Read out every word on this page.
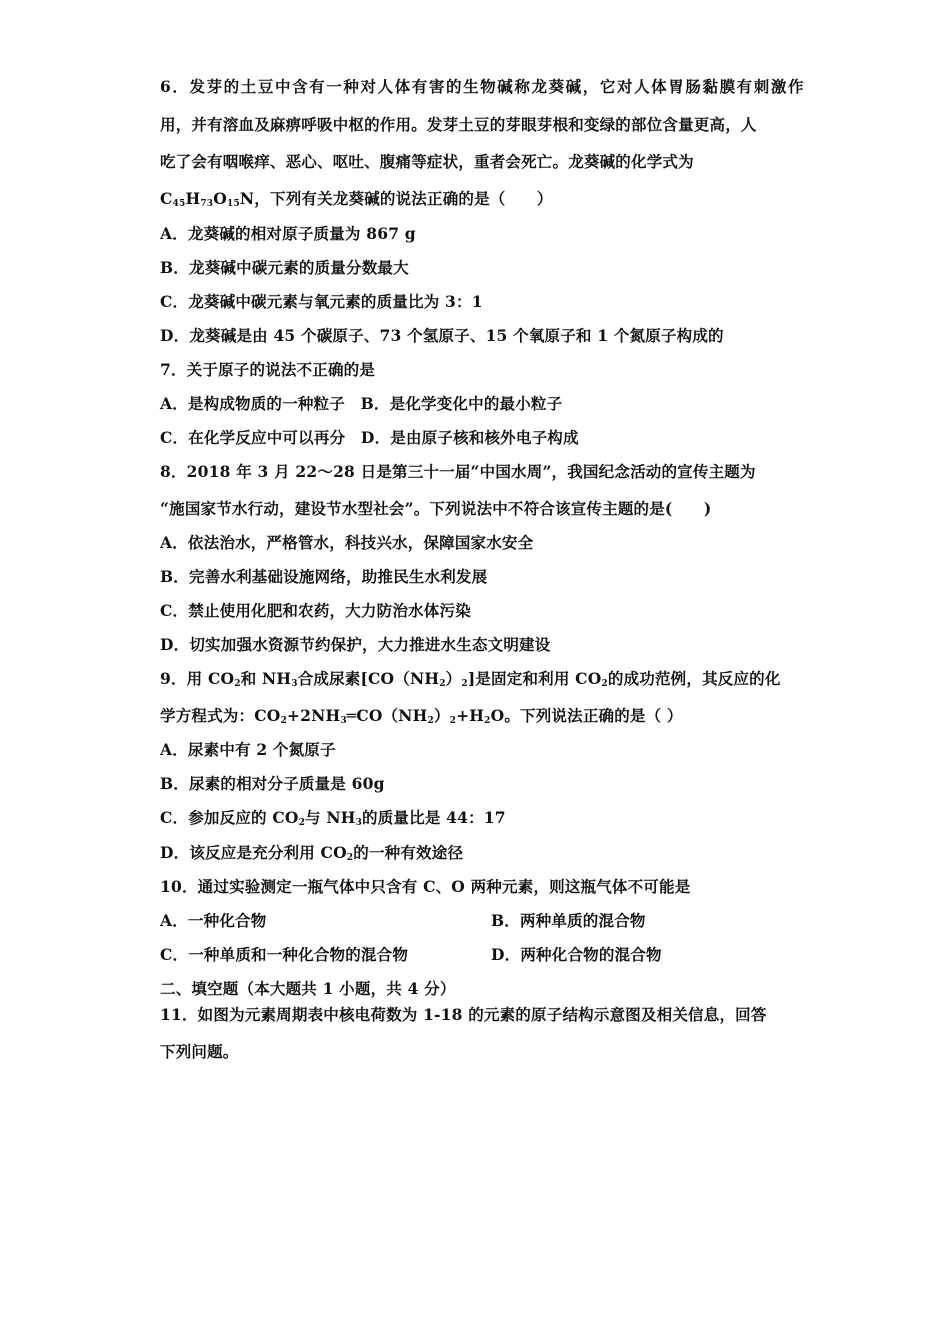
6．发芽的土豆中含有一种对人体有害的生物碱称龙葵碱，它对人体胃肠黏膜有刺激作
用，并有溶血及麻痹呼吸中枢的作用。发芽土豆的芽眼芽根和变绿的部位含量更高，人
吃了会有咽喉痒、恶心、呕吐、腹痛等症状，重者会死亡。龙葵碱的化学式为
$C_{45}H_{73}O_{15}N$，下列有关龙葵碱的说法正确的是（　　）
A．龙葵碱的相对原子质量为 867 g
B．龙葵碱中碳元素的质量分数最大
C．龙葵碱中碳元素与氧元素的质量比为 3：1
D．龙葵碱是由 45 个碳原子、73 个氢原子、15 个氧原子和 1 个氮原子构成的
7．关于原子的说法不正确的是
A．是构成物质的一种粒子　B．是化学变化中的最小粒子
C．在化学反应中可以再分　D．是由原子核和核外电子构成
8．2018 年 3 月 22～28 日是第三十一届“中国水周”，我国纪念活动的宣传主题为
“施国家节水行动，建设节水型社会”。下列说法中不符合该宣传主题的是(　　)
A．依法治水，严格管水，科技兴水，保障国家水安全
B．完善水利基础设施网络，助推民生水利发展
C．禁止使用化肥和农药，大力防治水体污染
D．切实加强水资源节约保护，大力推进水生态文明建设
9．用 $CO_2$和 $NH_3$合成尿素$[CO(NH_2)_2]$是固定和利用 $CO_2$的成功范例，其反应的化
学方程式为：$CO_2+2NH_3═CO(NH_2)_2+H_2O$。下列说法正确的是（ ）
A．尿素中有 2 个氮原子
B．尿素的相对分子质量是 60g
C．参加反应的 $CO_2$与 $NH_3$的质量比是 44：17
D．该反应是充分利用 $CO_2$的一种有效途径
10．通过实验测定一瓶气体中只含有 C、O 两种元素，则这瓶气体不可能是
A．一种化合物	B．两种单质的混合物
C．一种单质和一种化合物的混合物	D．两种化合物的混合物
二、填空题（本大题共 1 小题，共 4 分）
11．如图为元素周期表中核电荷数为 1-18 的元素的原子结构示意图及相关信息，回答
下列问题。
